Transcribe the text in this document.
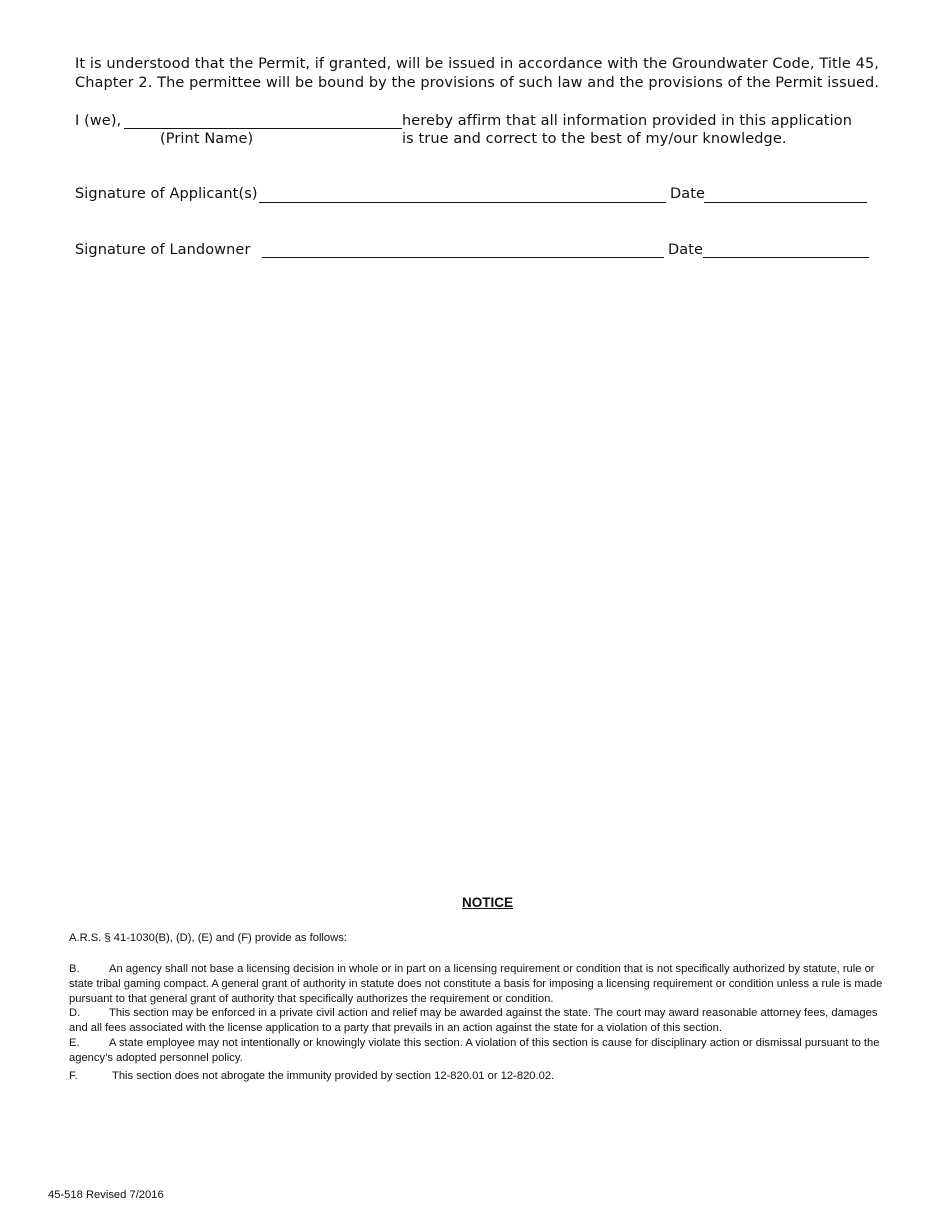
It is understood that the Permit, if granted, will be issued in accordance with the Groundwater Code, Title 45,
Chapter 2. The permittee will be bound by the provisions of such law and the provisions of the Permit issued.
I (we),
(Print Name)
hereby affirm that all information provided in this application
is true and correct to the best of my/our knowledge.
Signature of Applicant(s)	Date
Signature of Landowner	Date
NOTICE
A.R.S. § 41-1030(B), (D), (E) and (F) provide as follows:
B.	An agency shall not base a licensing decision in whole or in part on a licensing requirement or condition that is not specifically authorized by statute, rule or state tribal gaming compact. A general grant of authority in statute does not constitute a basis for imposing a licensing requirement or condition unless a rule is made pursuant to that general grant of authority that specifically authorizes the requirement or condition.
D.	This section may be enforced in a private civil action and relief may be awarded against the state. The court may award reasonable attorney fees, damages and all fees associated with the license application to a party that prevails in an action against the state for a violation of this section.
E.	A state employee may not intentionally or knowingly violate this section. A violation of this section is cause for disciplinary action or dismissal pursuant to the agency’s adopted personnel policy.
F.	This section does not abrogate the immunity provided by section 12-820.01 or 12-820.02.
45-518 Revised 7/2016
